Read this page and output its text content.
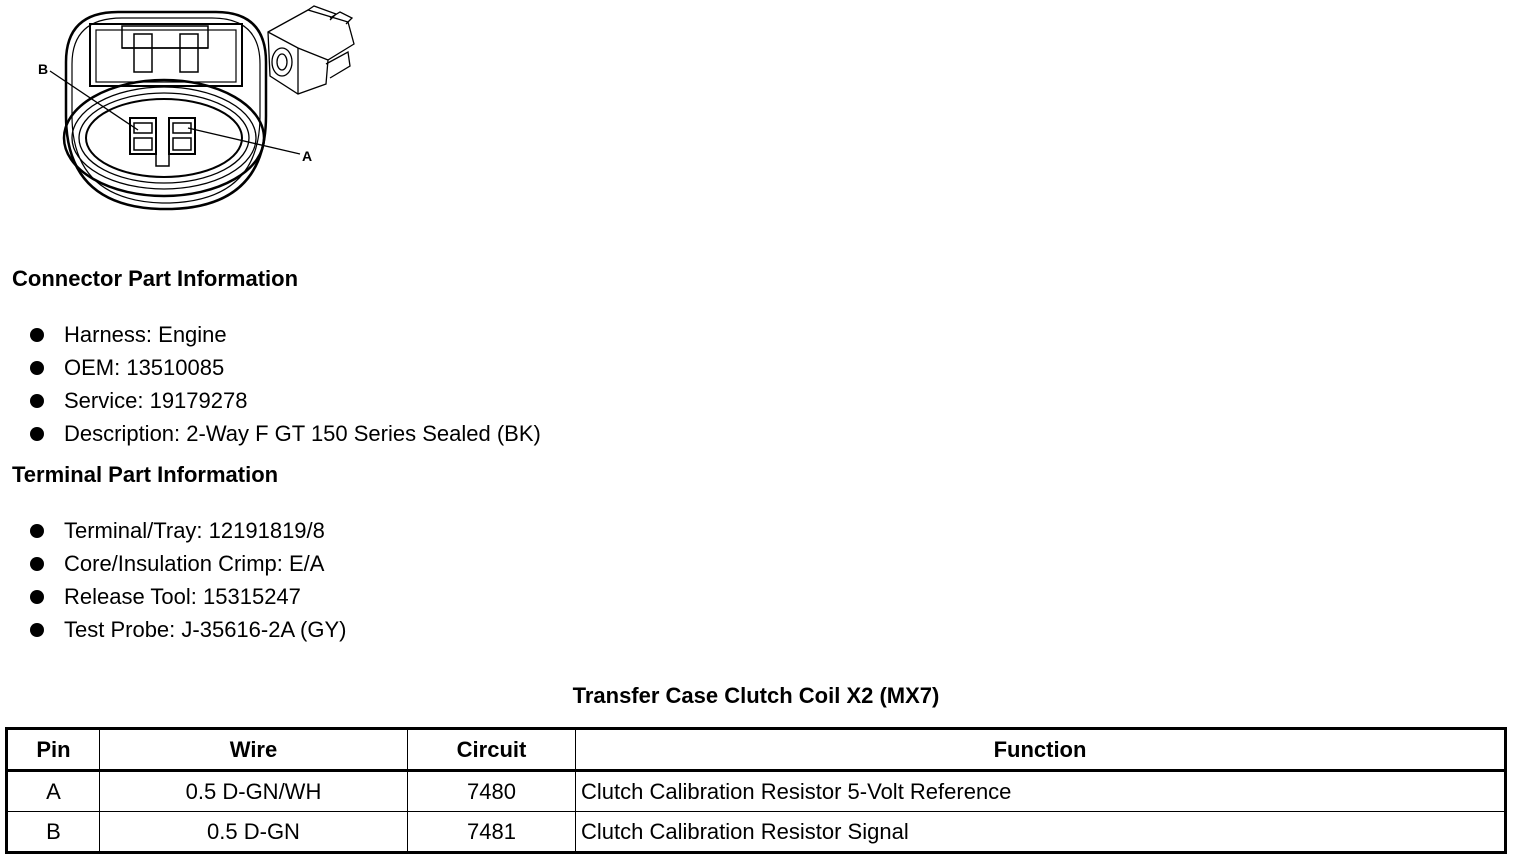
B
A
Connector Part Information
Harness: Engine
OEM: 13510085
Service: 19179278
Description: 2-Way F GT 150 Series Sealed (BK)
Terminal Part Information
Terminal/Tray: 12191819/8
Core/Insulation Crimp: E/A
Release Tool: 15315247
Test Probe: J-35616-2A (GY)
Transfer Case Clutch Coil X2 (MX7)
Pin	Wire	Circuit	Function
A	0.5 D-GN/WH	7480	Clutch Calibration Resistor 5-Volt Reference
B	0.5 D-GN	7481	Clutch Calibration Resistor Signal
